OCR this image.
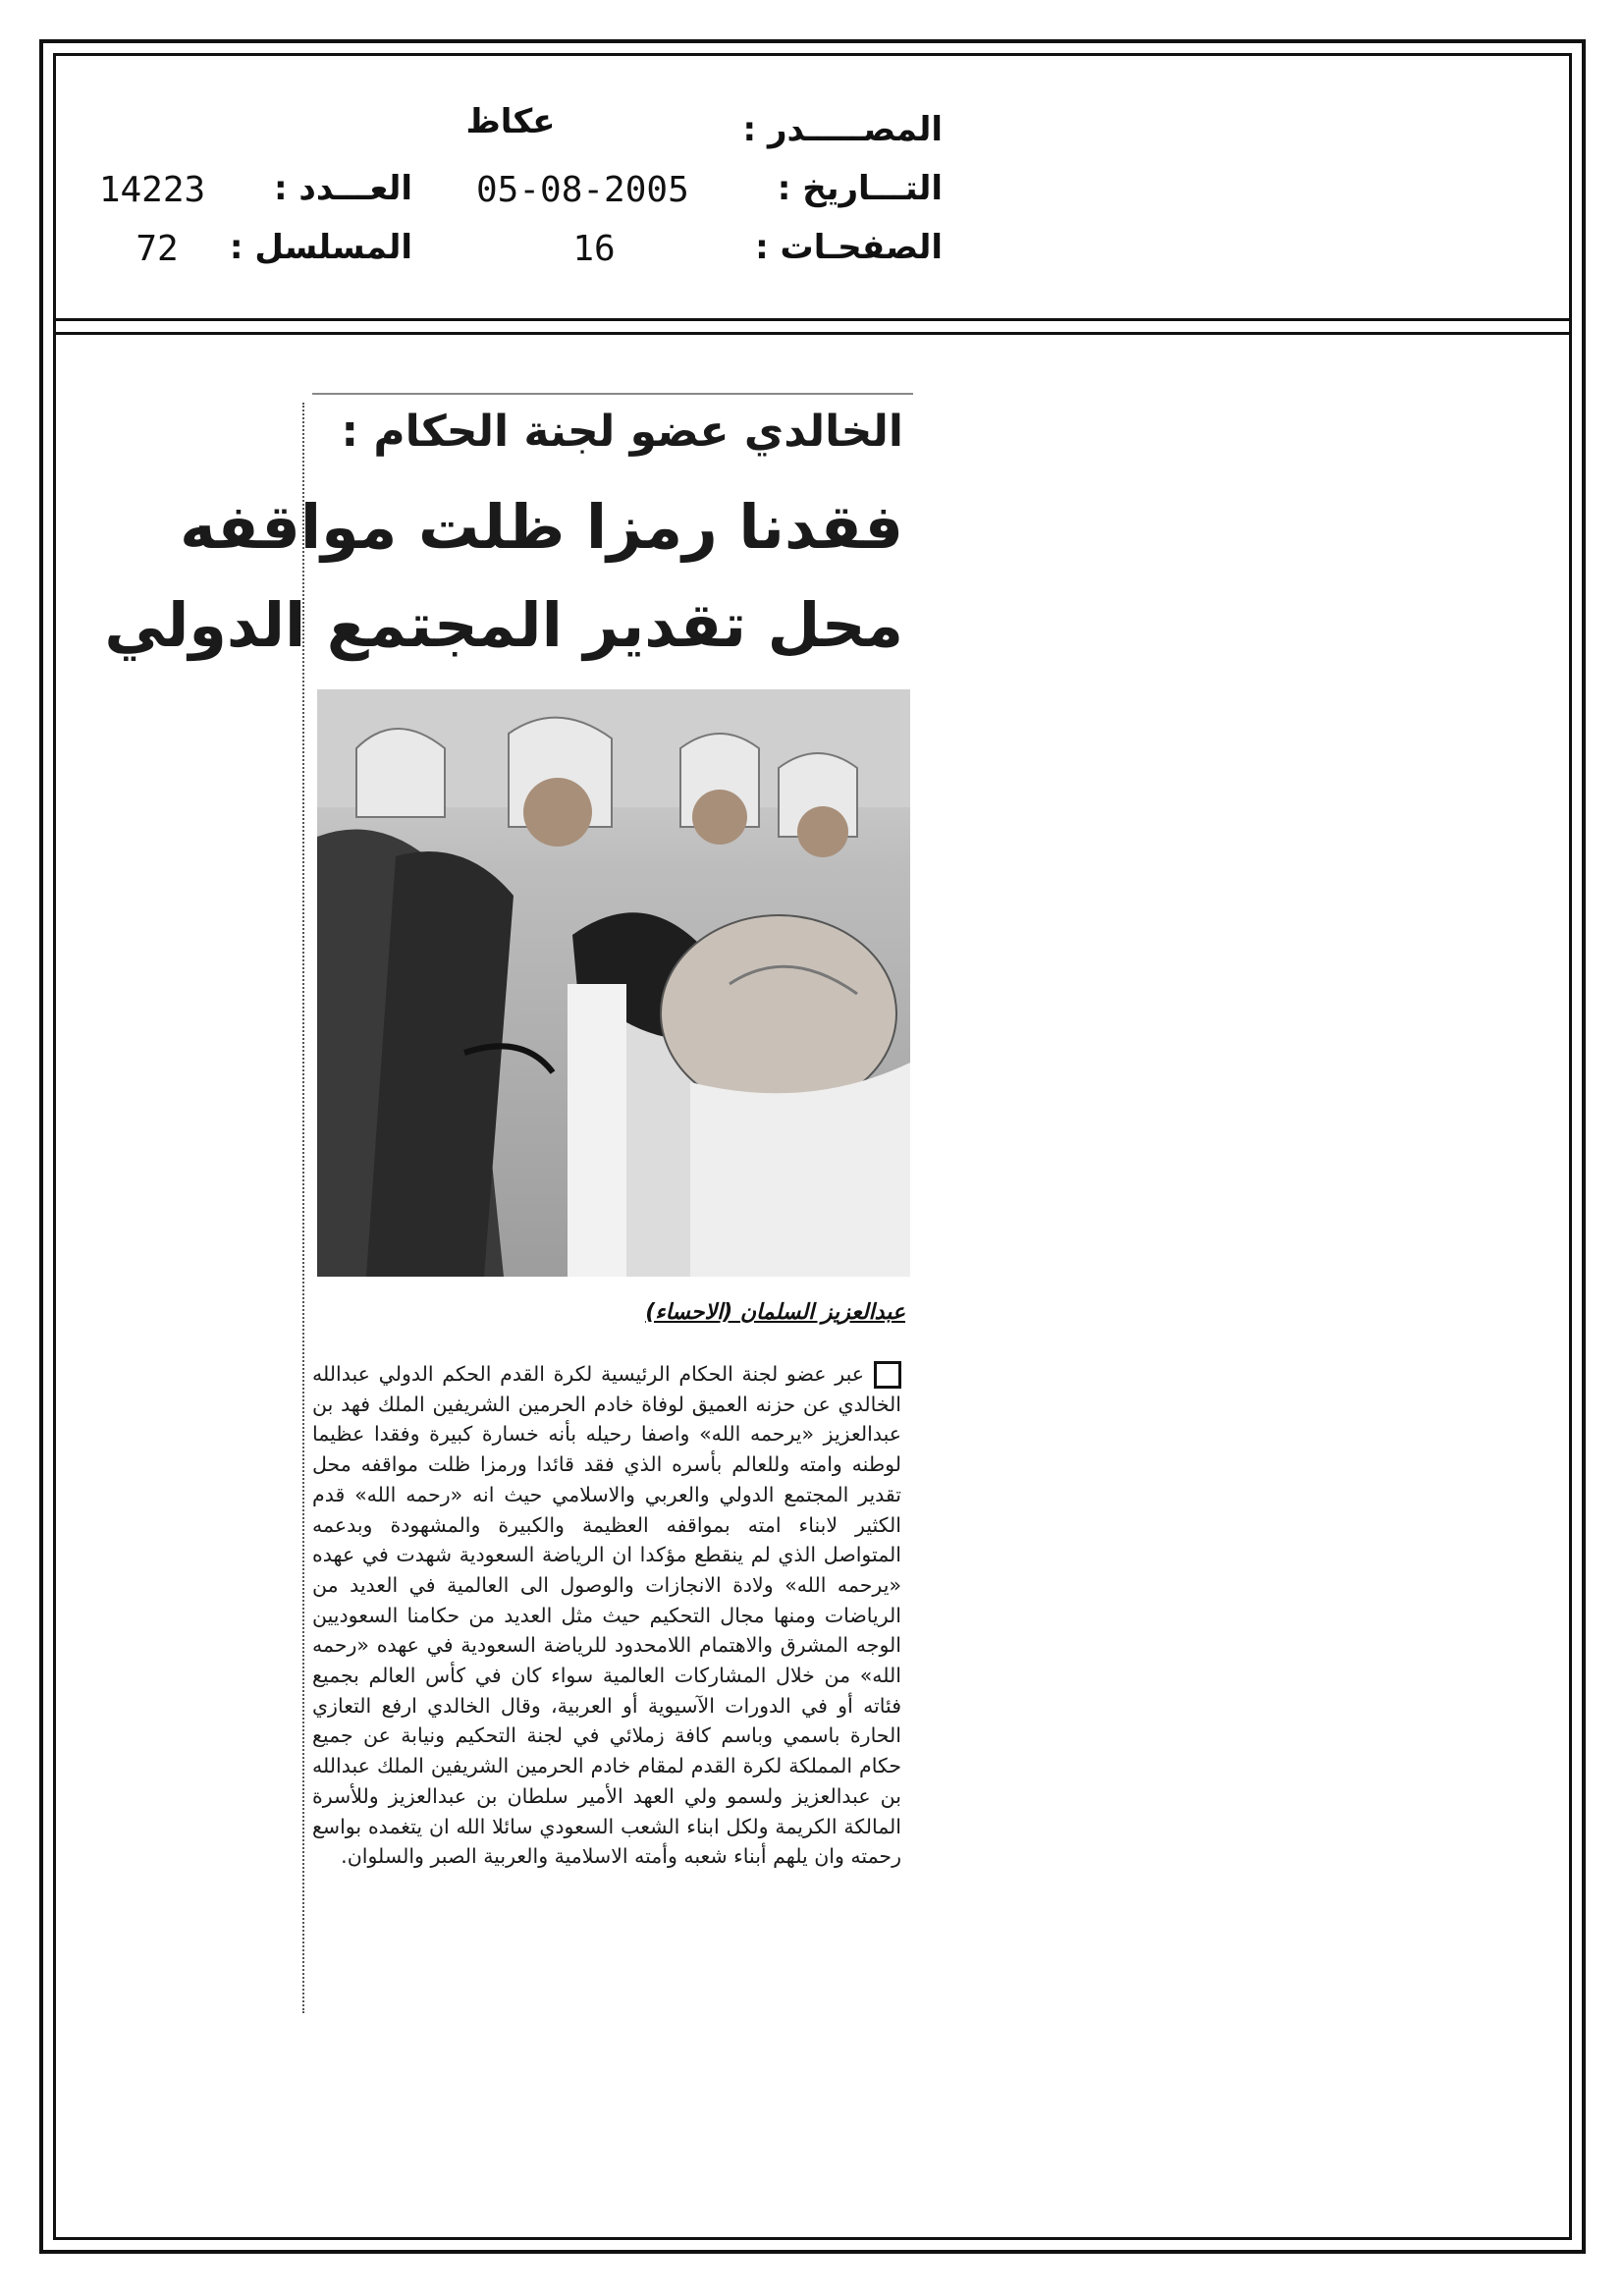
المصـــــدر :
عكاظ
التـــاريخ :
05-08-2005
الصفحـات :
16
العـــدد :
14223
المسلسل :
72
الخالدي عضو لجنة الحكام :
فقدنا رمزا ظلت مواقفه
محل تقدير المجتمع الدولي
عبدالعزيز السلمان (الاحساء)
عبر عضو لجنة الحكام الرئيسية لكرة القدم الحكم الدولي عبدالله الخالدي عن حزنه العميق لوفاة خادم الحرمين الشريفين الملك فهد بن عبدالعزيز «يرحمه الله» واصفا رحيله بأنه خسارة كبيرة وفقدا عظيما لوطنه وامته وللعالم بأسره الذي فقد قائدا ورمزا ظلت مواقفه محل تقدير المجتمع الدولي والعربي والاسلامي حيث انه «رحمه الله» قدم الكثير لابناء امته بمواقفه العظيمة والكبيرة والمشهودة وبدعمه المتواصل الذي لم ينقطع مؤكدا ان الرياضة السعودية شهدت في عهده «يرحمه الله» ولادة الانجازات والوصول الى العالمية في العديد من الرياضات ومنها مجال التحكيم حيث مثل العديد من حكامنا السعوديين الوجه المشرق والاهتمام اللامحدود للرياضة السعودية في عهده «رحمه الله» من خلال المشاركات العالمية سواء كان في كأس العالم بجميع فئاته أو في الدورات الآسيوية أو العربية، وقال الخالدي ارفع التعازي الحارة باسمي وباسم كافة زملائي في لجنة التحكيم ونيابة عن جميع حكام المملكة لكرة القدم لمقام خادم الحرمين الشريفين الملك عبدالله بن عبدالعزيز ولسمو ولي العهد الأمير سلطان بن عبدالعزيز وللأسرة المالكة الكريمة ولكل ابناء الشعب السعودي سائلا الله ان يتغمده بواسع رحمته وان يلهم أبناء شعبه وأمته الاسلامية والعربية الصبر والسلوان.
